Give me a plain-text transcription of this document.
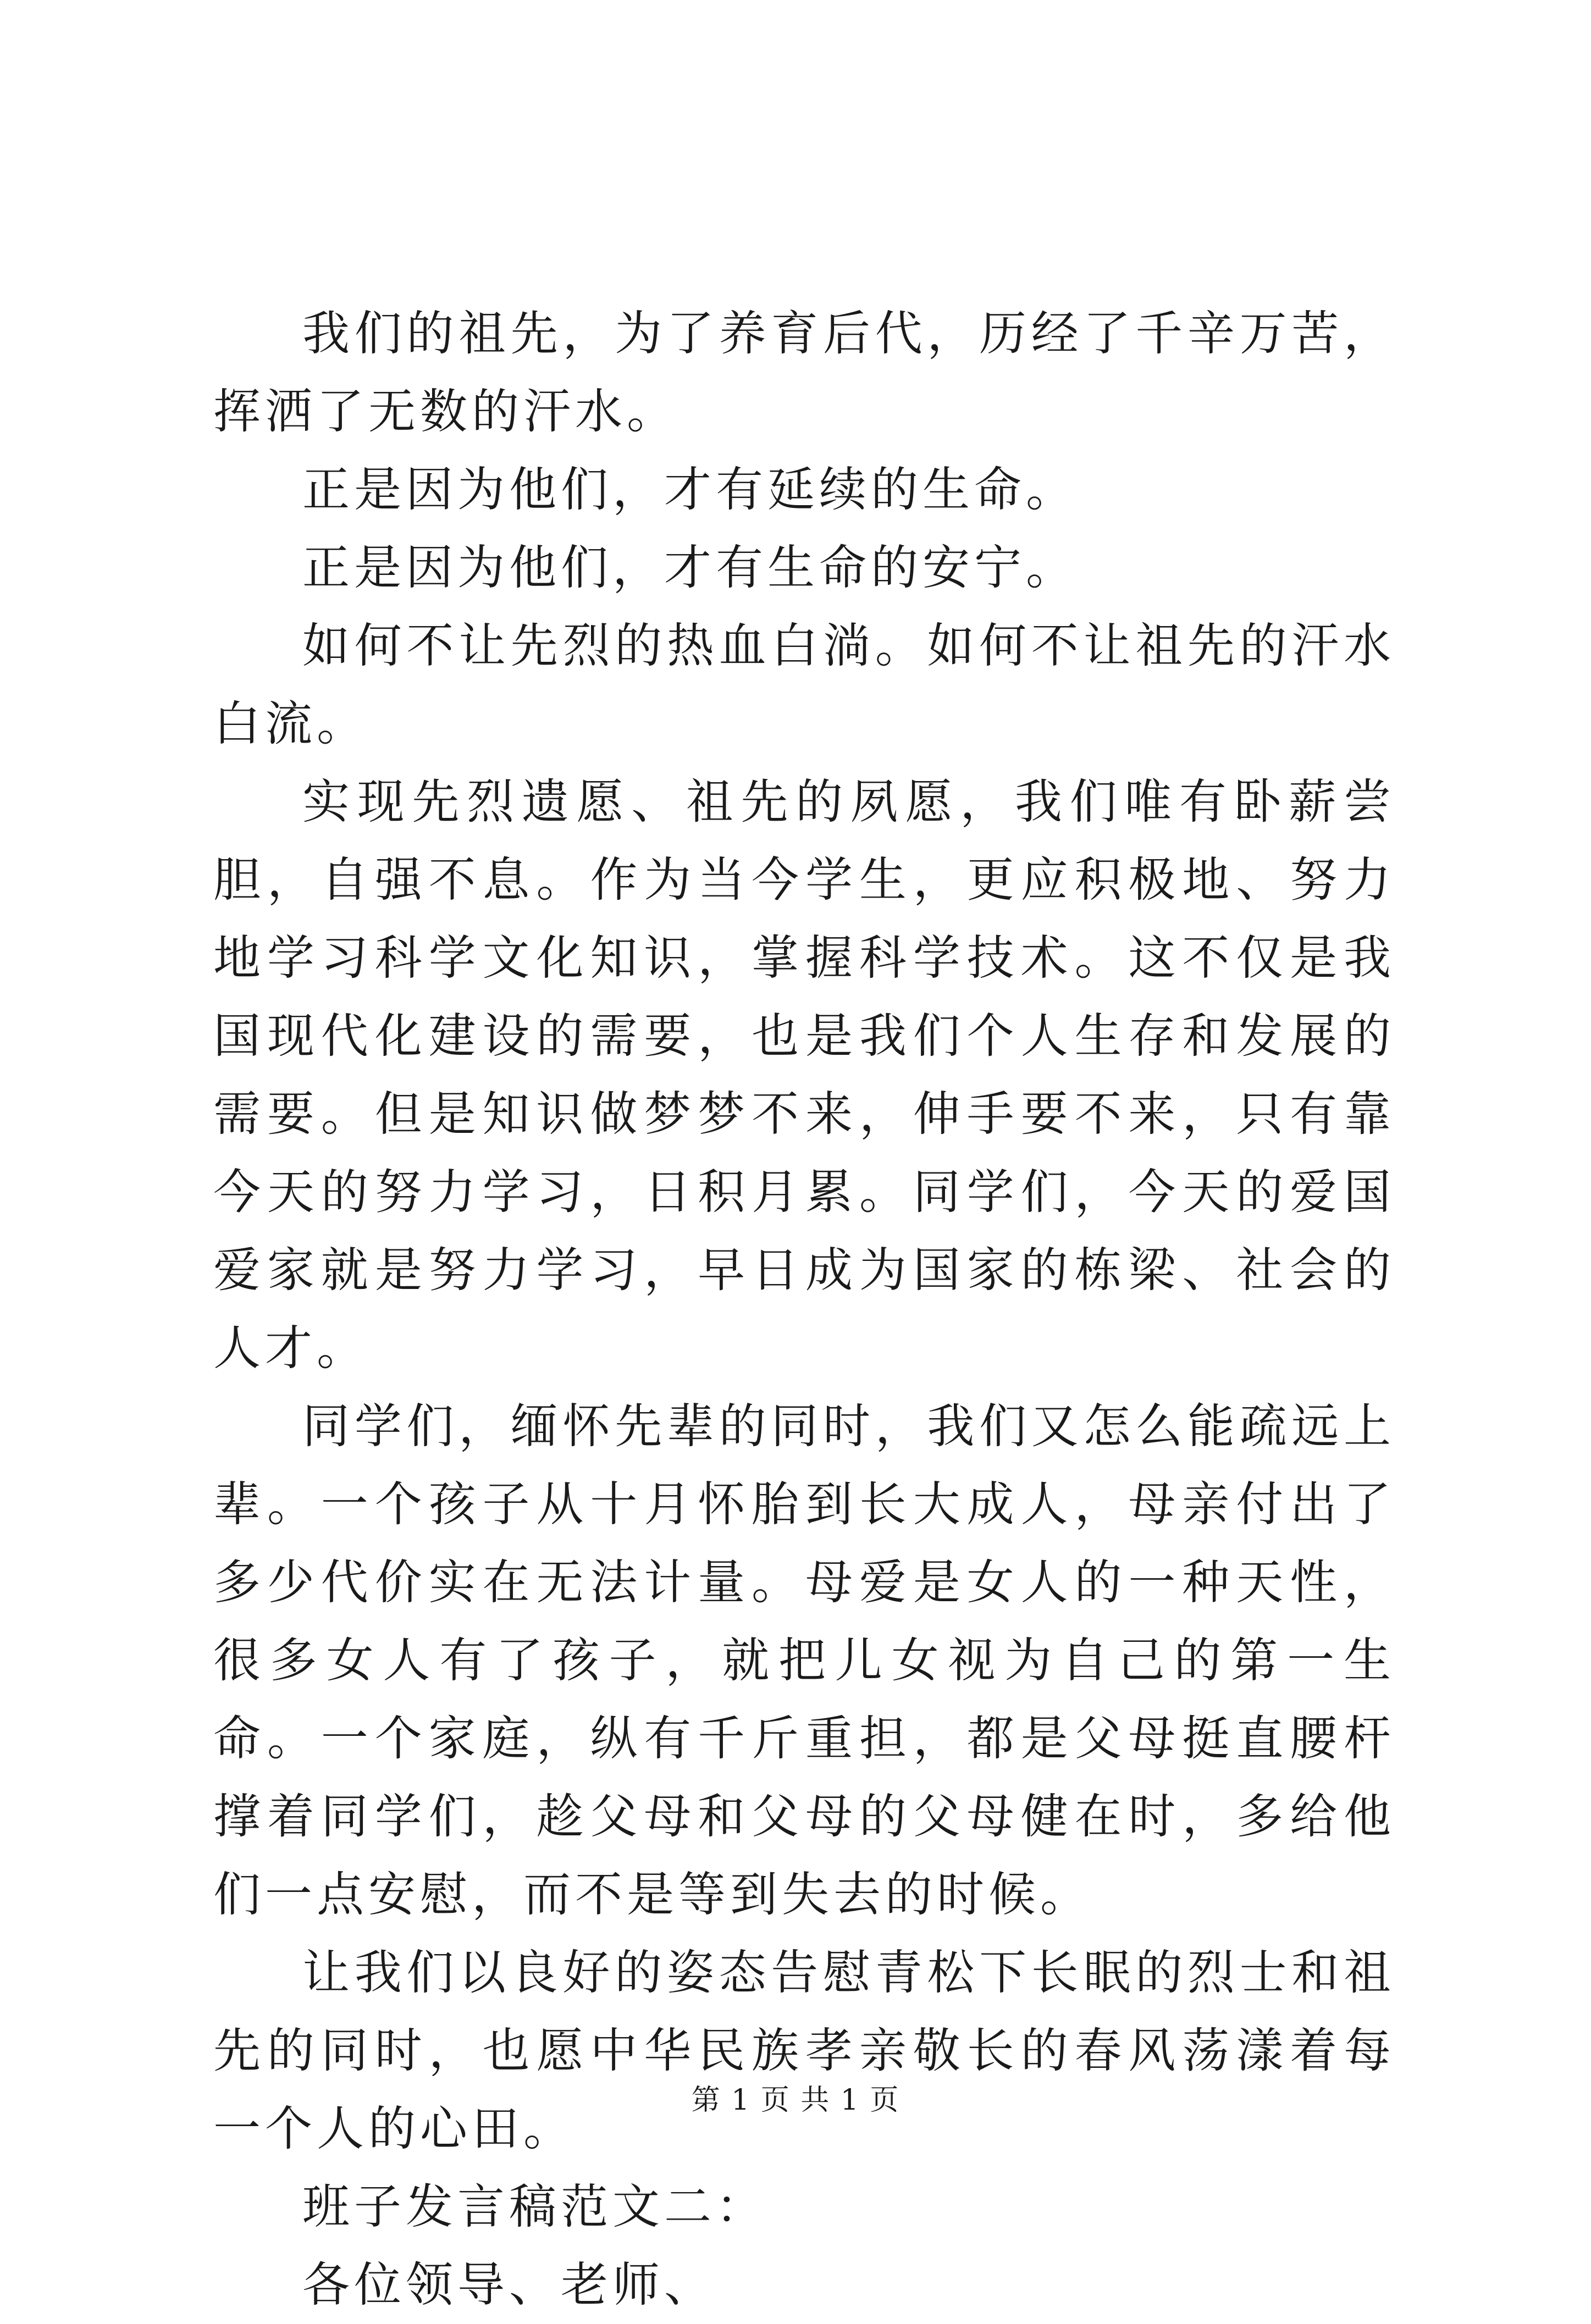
我们的祖先，为了养育后代，历经了千辛万苦，挥洒了无数的汗水。

正是因为他们，才有延续的生命。

正是因为他们，才有生命的安宁。

如何不让先烈的热血白淌。如何不让祖先的汗水白流。

实现先烈遗愿、祖先的夙愿，我们唯有卧薪尝胆，自强不息。作为当今学生，更应积极地、努力地学习科学文化知识，掌握科学技术。这不仅是我国现代化建设的需要，也是我们个人生存和发展的需要。但是知识做梦梦不来，伸手要不来，只有靠今天的努力学习，日积月累。同学们，今天的爱国爱家就是努力学习，早日成为国家的栋梁、社会的人才。

同学们，缅怀先辈的同时，我们又怎么能疏远上辈。一个孩子从十月怀胎到长大成人，母亲付出了多少代价实在无法计量。母爱是女人的一种天性，很多女人有了孩子，就把儿女视为自己的第一生命。一个家庭，纵有千斤重担，都是父母挺直腰杆撑着同学们，趁父母和父母的父母健在时，多给他们一点安慰，而不是等到失去的时候。

让我们以良好的姿态告慰青松下长眠的烈士和祖先的同时，也愿中华民族孝亲敬长的春风荡漾着每一个人的心田。

班子发言稿范文二：

各位领导、老师、

第 1 页 共 1 页
